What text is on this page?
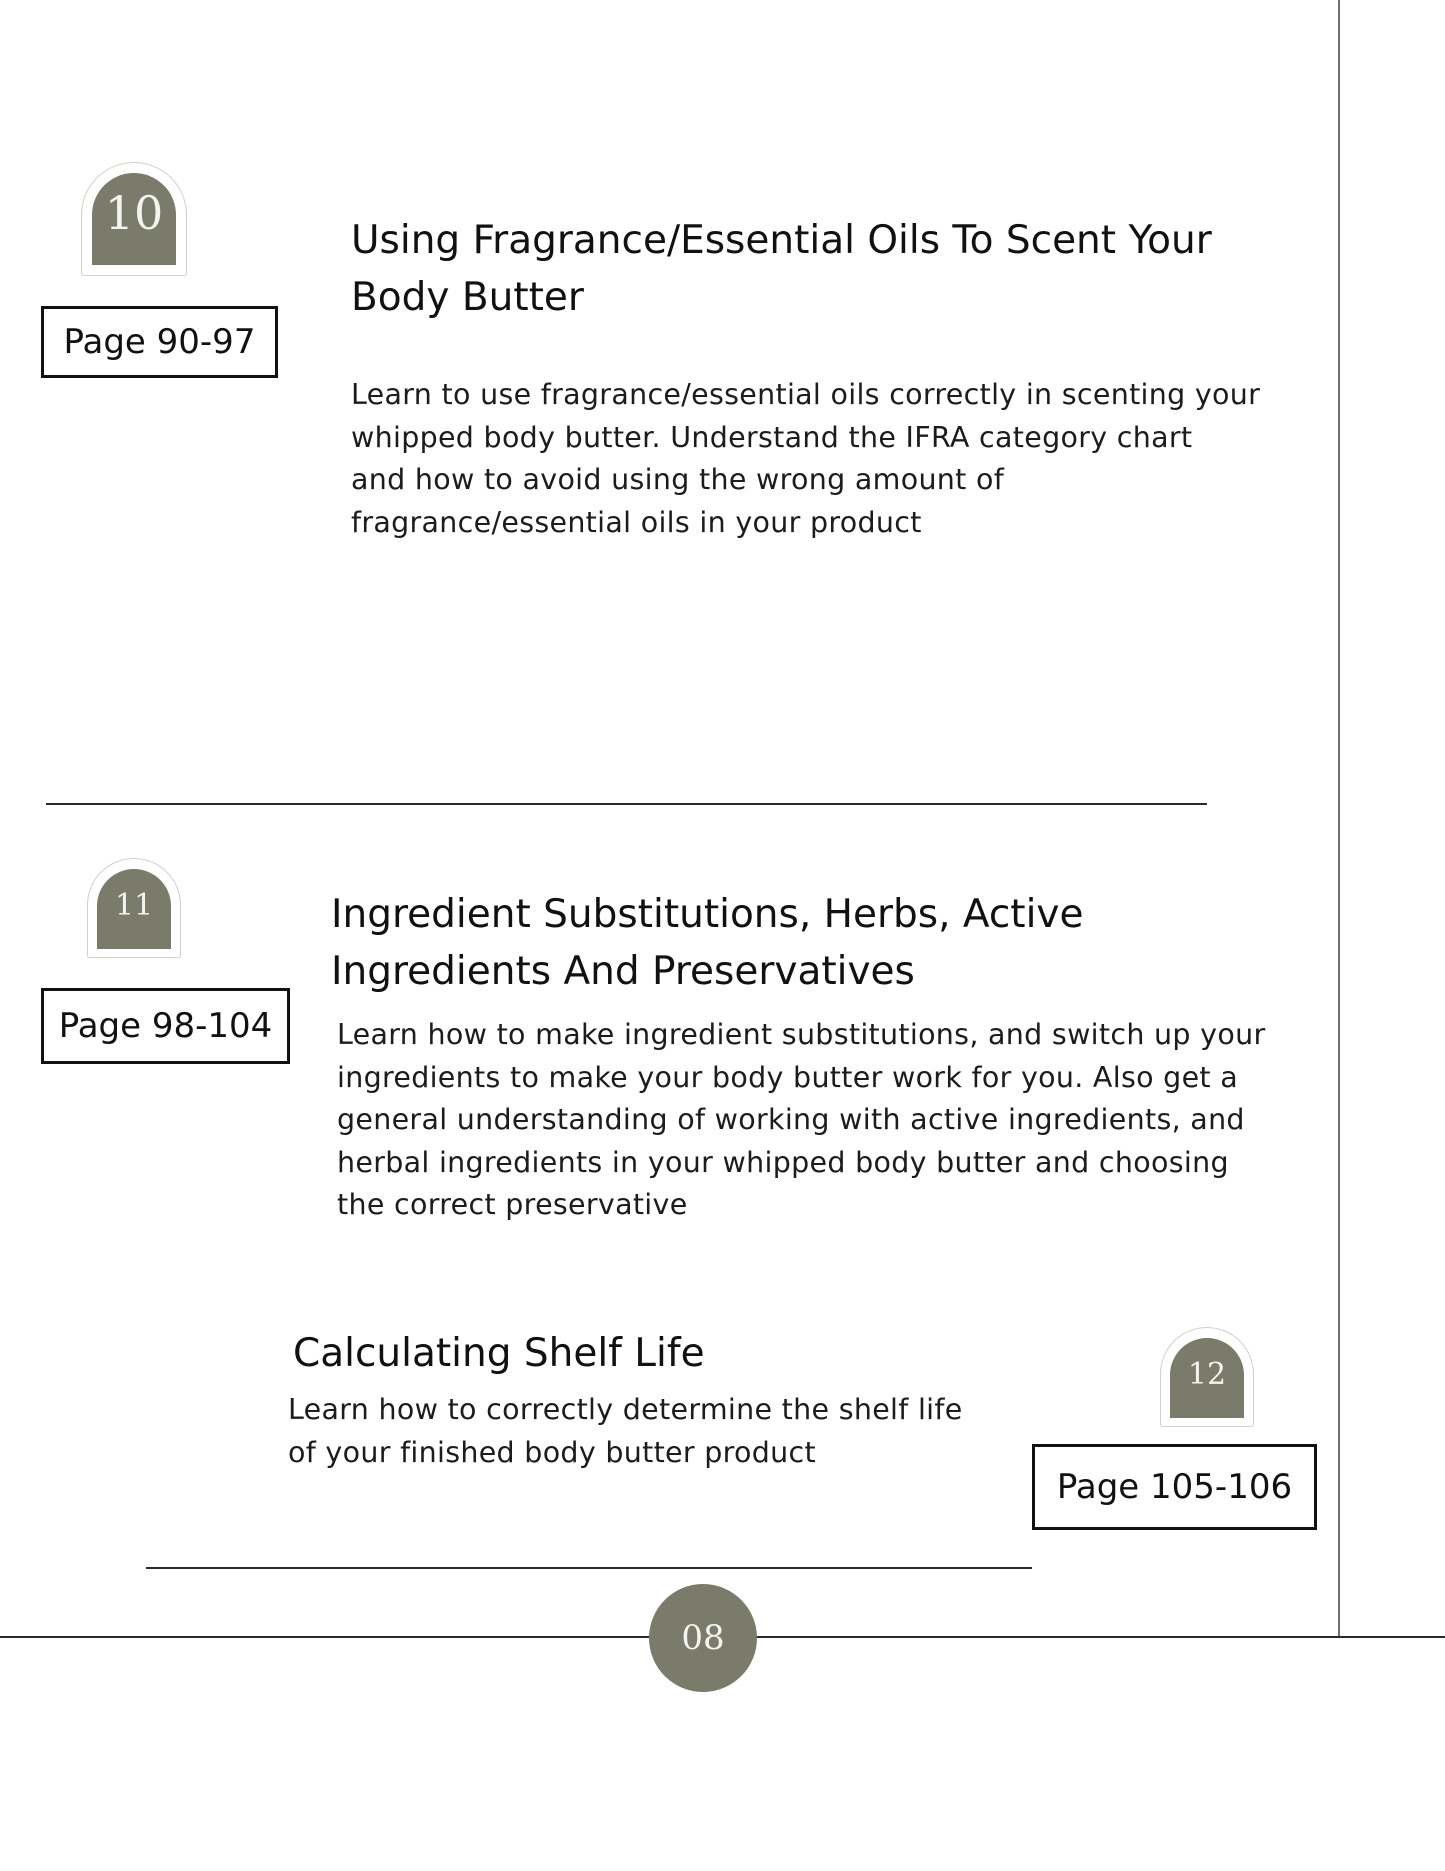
10
Page 90-97
Using Fragrance/Essential Oils To Scent Your
Body Butter
Learn to use fragrance/essential oils correctly in scenting your
whipped body butter. Understand the IFRA category chart
and how to avoid using the wrong amount of
fragrance/essential oils in your product
11
Page 98-104
Ingredient Substitutions, Herbs, Active
Ingredients And Preservatives
Learn how to make ingredient substitutions, and switch up your
ingredients to make your body butter work for you. Also get a
general understanding of working with active ingredients, and
herbal ingredients in your whipped body butter and choosing
the correct preservative
Calculating Shelf Life
Learn how to correctly determine the shelf life
of your finished body butter product
12
Page 105-106
08
